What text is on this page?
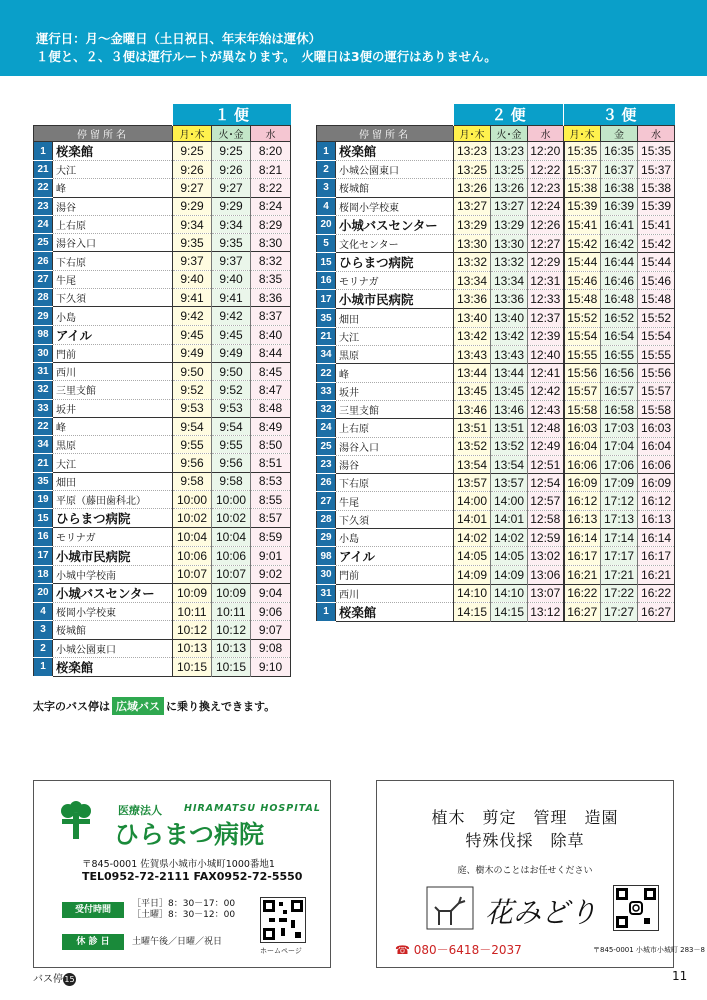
運行日：月～金曜日（土日祝日、年末年始は運休）
１便と、２、３便は運行ルートが異なります。　火曜日は3便の運行はありません。
		１ 便		
停留所名		月･木	火･金	水
1	桜楽館	9:25	9:25	8:20
21	大江	9:26	9:26	8:21
22	峰	9:27	9:27	8:22
23	湯谷	9:29	9:29	8:24
24	上右原	9:34	9:34	8:29
25	湯谷入口	9:35	9:35	8:30
26	下右原	9:37	9:37	8:32
27	牛尾	9:40	9:40	8:35
28	下久須	9:41	9:41	8:36
29	小島	9:42	9:42	8:37
98	アイル	9:45	9:45	8:40
30	門前	9:49	9:49	8:44
31	西川	9:50	9:50	8:45
32	三里支館	9:52	9:52	8:47
33	坂井	9:53	9:53	8:48
22	峰	9:54	9:54	8:49
34	黒原	9:55	9:55	8:50
21	大江	9:56	9:56	8:51
35	畑田	9:58	9:58	8:53
19	平原（藤田歯科北）	10:00	10:00	8:55
15	ひらまつ病院	10:02	10:02	8:57
16	モリナガ	10:04	10:04	8:59
17	小城市民病院	10:06	10:06	9:01
18	小城中学校南	10:07	10:07	9:02
20	小城バスセンター	10:09	10:09	9:04
4	桜岡小学校東	10:11	10:11	9:06
3	桜城館	10:12	10:12	9:07
2	小城公園東口	10:13	10:13	9:08
1	桜楽館	10:15	10:15	9:10
		２ 便			３ 便		
停留所名		月･木	火･金	水	月･木	金	水
1	桜楽館	13:23	13:23	12:20	15:35	16:35	15:35
2	小城公園東口	13:25	13:25	12:22	15:37	16:37	15:37
3	桜城館	13:26	13:26	12:23	15:38	16:38	15:38
4	桜岡小学校東	13:27	13:27	12:24	15:39	16:39	15:39
20	小城バスセンター	13:29	13:29	12:26	15:41	16:41	15:41
5	文化センター	13:30	13:30	12:27	15:42	16:42	15:42
15	ひらまつ病院	13:32	13:32	12:29	15:44	16:44	15:44
16	モリナガ	13:34	13:34	12:31	15:46	16:46	15:46
17	小城市民病院	13:36	13:36	12:33	15:48	16:48	15:48
35	畑田	13:40	13:40	12:37	15:52	16:52	15:52
21	大江	13:42	13:42	12:39	15:54	16:54	15:54
34	黒原	13:43	13:43	12:40	15:55	16:55	15:55
22	峰	13:44	13:44	12:41	15:56	16:56	15:56
33	坂井	13:45	13:45	12:42	15:57	16:57	15:57
32	三里支館	13:46	13:46	12:43	15:58	16:58	15:58
24	上右原	13:51	13:51	12:48	16:03	17:03	16:03
25	湯谷入口	13:52	13:52	12:49	16:04	17:04	16:04
23	湯谷	13:54	13:54	12:51	16:06	17:06	16:06
26	下右原	13:57	13:57	12:54	16:09	17:09	16:09
27	牛尾	14:00	14:00	12:57	16:12	17:12	16:12
28	下久須	14:01	14:01	12:58	16:13	17:13	16:13
29	小島	14:02	14:02	12:59	16:14	17:14	16:14
98	アイル	14:05	14:05	13:02	16:17	17:17	16:17
30	門前	14:09	14:09	13:06	16:21	17:21	16:21
31	西川	14:10	14:10	13:07	16:22	17:22	16:22
1	桜楽館	14:15	14:15	13:12	16:27	17:27	16:27
太字のバス停は 広域バス に乗り換えできます。
医療法人 HIRAMATSU HOSPITAL
ひらまつ病院
〒845-0001 佐賀県小城市小城町1000番地1
TEL0952-72-2111 FAX0952-72-5550
受付時間
［平日］8：30－17：00
［土曜］8：30－12：00
休 診 日	土曜午後／日曜／祝日
ホームページ
植木　剪定　管理　造園
特殊伐採　除草
庭、樹木のことはお任せください
花みどり
☎ 080－6418－2037	〒845-0001 小城市小城町 283－8
バス停15	11
